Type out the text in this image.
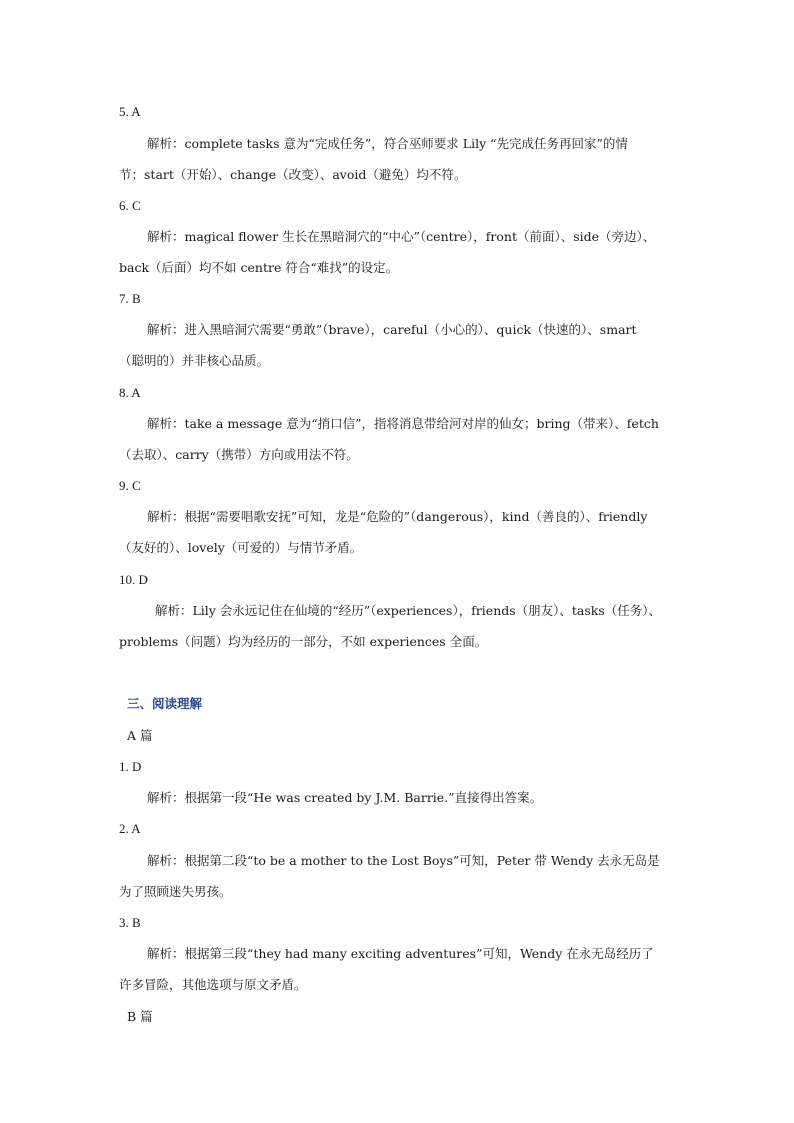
5. A
解析：complete tasks 意为“完成任务”，符合巫师要求 Lily “先完成任务再回家”的情
节；start（开始）、change（改变）、avoid（避免）均不符。
6. C
解析：magical flower 生长在黑暗洞穴的“中心”（centre），front（前面）、side（旁边）、
back（后面）均不如 centre 符合“难找”的设定。
7. B
解析：进入黑暗洞穴需要“勇敢”（brave），careful（小心的）、quick（快速的）、smart
（聪明的）并非核心品质。
8. A
解析：take a message 意为“捎口信”，指将消息带给河对岸的仙女；bring（带来）、fetch
（去取）、carry（携带）方向或用法不符。
9. C
解析：根据“需要唱歌安抚”可知，龙是“危险的”（dangerous），kind（善良的）、friendly
（友好的）、lovely（可爱的）与情节矛盾。
10. D
解析：Lily 会永远记住在仙境的“经历”（experiences），friends（朋友）、tasks（任务）、
problems（问题）均为经历的一部分，不如 experiences 全面。
三、阅读理解
A 篇
1. D
解析：根据第一段“He was created by J.M. Barrie.”直接得出答案。
2. A
解析：根据第二段“to be a mother to the Lost Boys”可知，Peter 带 Wendy 去永无岛是
为了照顾迷失男孩。
3. B
解析：根据第三段“they had many exciting adventures”可知，Wendy 在永无岛经历了
许多冒险，其他选项与原文矛盾。
B 篇
